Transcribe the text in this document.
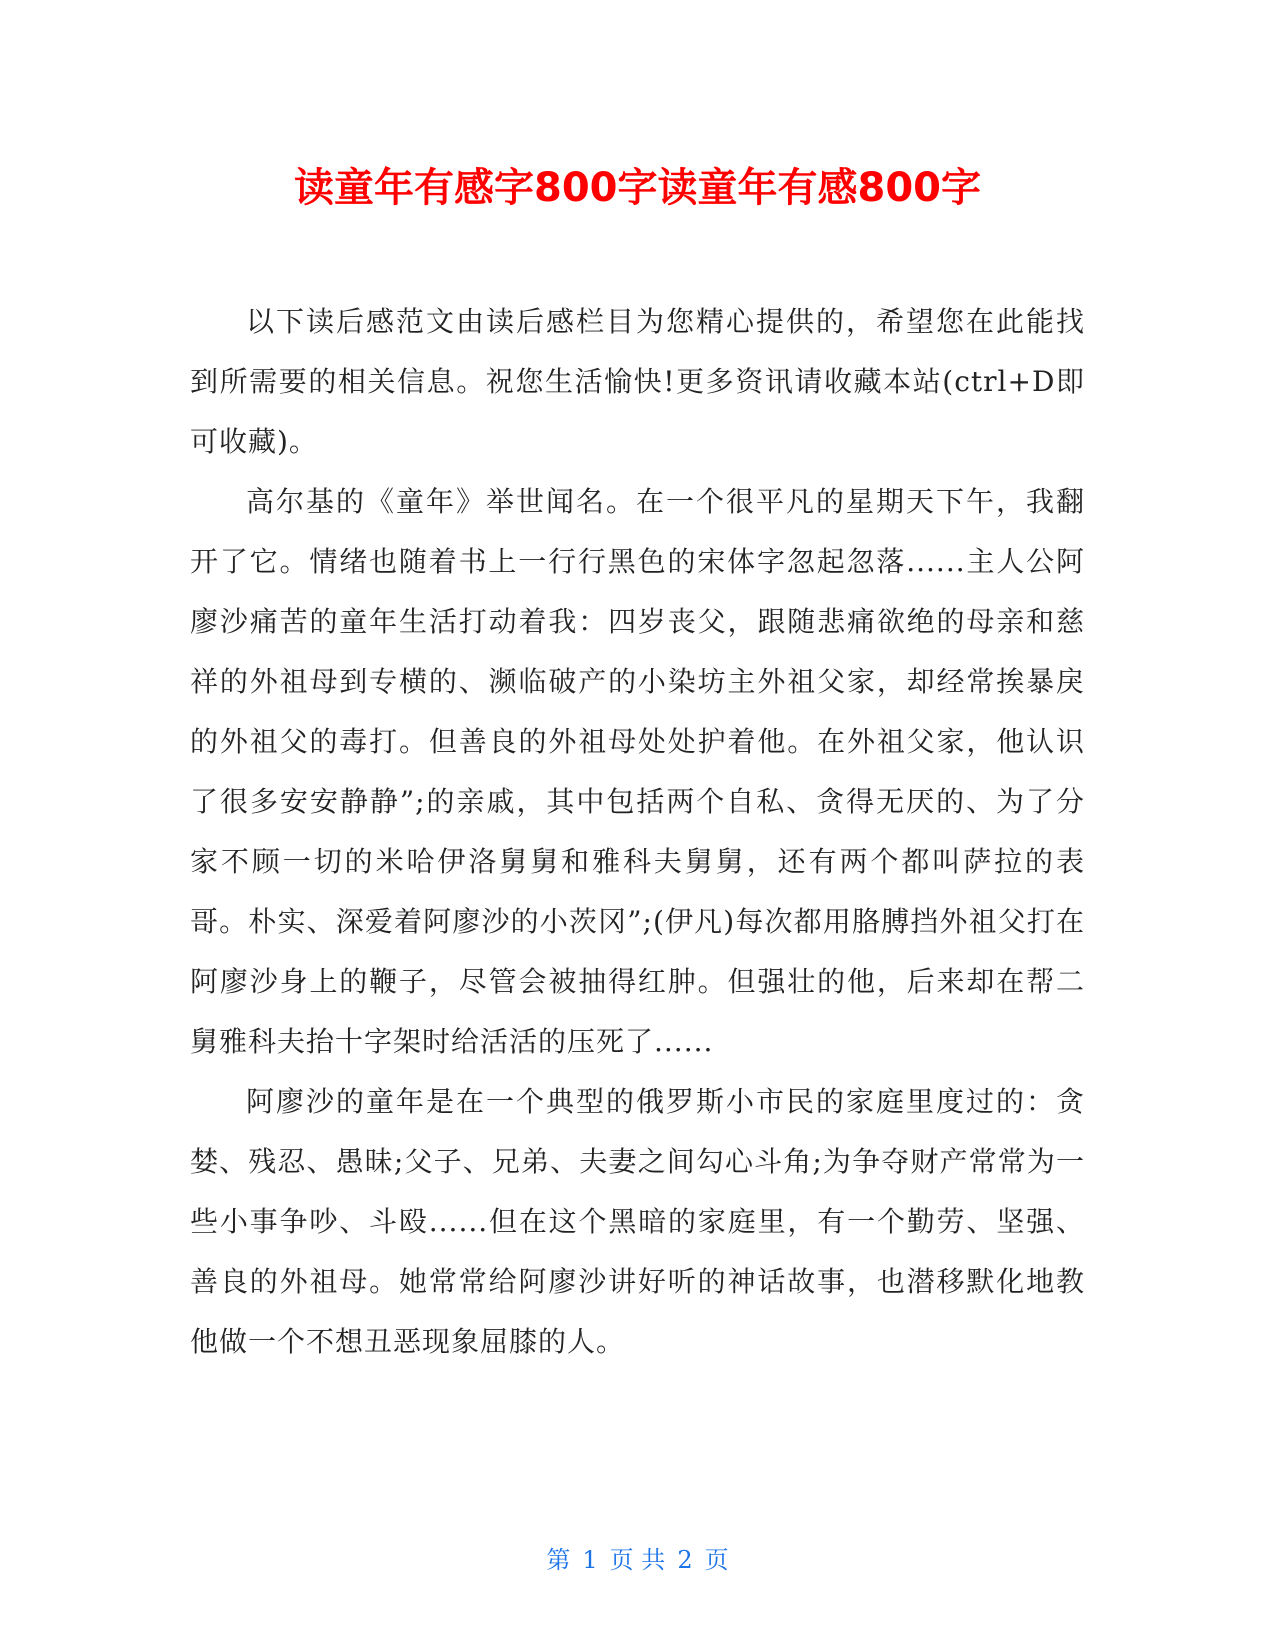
读童年有感字800字读童年有感800字

以下读后感范文由读后感栏目为您精心提供的，希望您在此能找到所需要的相关信息。祝您生活愉快!更多资讯请收藏本站(ctrl+D即可收藏)。

高尔基的《童年》举世闻名。在一个很平凡的星期天下午，我翻开了它。情绪也随着书上一行行黑色的宋体字忽起忽落......主人公阿廖沙痛苦的童年生活打动着我：四岁丧父，跟随悲痛欲绝的母亲和慈祥的外祖母到专横的、濒临破产的小染坊主外祖父家，却经常挨暴戾的外祖父的毒打。但善良的外祖母处处护着他。在外祖父家，他认识了很多安安静静”;的亲戚，其中包括两个自私、贪得无厌的、为了分家不顾一切的米哈伊洛舅舅和雅科夫舅舅，还有两个都叫萨拉的表哥。朴实、深爱着阿廖沙的小茨冈”;(伊凡)每次都用胳膊挡外祖父打在阿廖沙身上的鞭子，尽管会被抽得红肿。但强壮的他，后来却在帮二舅雅科夫抬十字架时给活活的压死了......

阿廖沙的童年是在一个典型的俄罗斯小市民的家庭里度过的：贪婪、残忍、愚昧;父子、兄弟、夫妻之间勾心斗角;为争夺财产常常为一些小事争吵、斗殴......但在这个黑暗的家庭里，有一个勤劳、坚强、善良的外祖母。她常常给阿廖沙讲好听的神话故事，也潜移默化地教他做一个不想丑恶现象屈膝的人。

第 1 页 共 2 页
